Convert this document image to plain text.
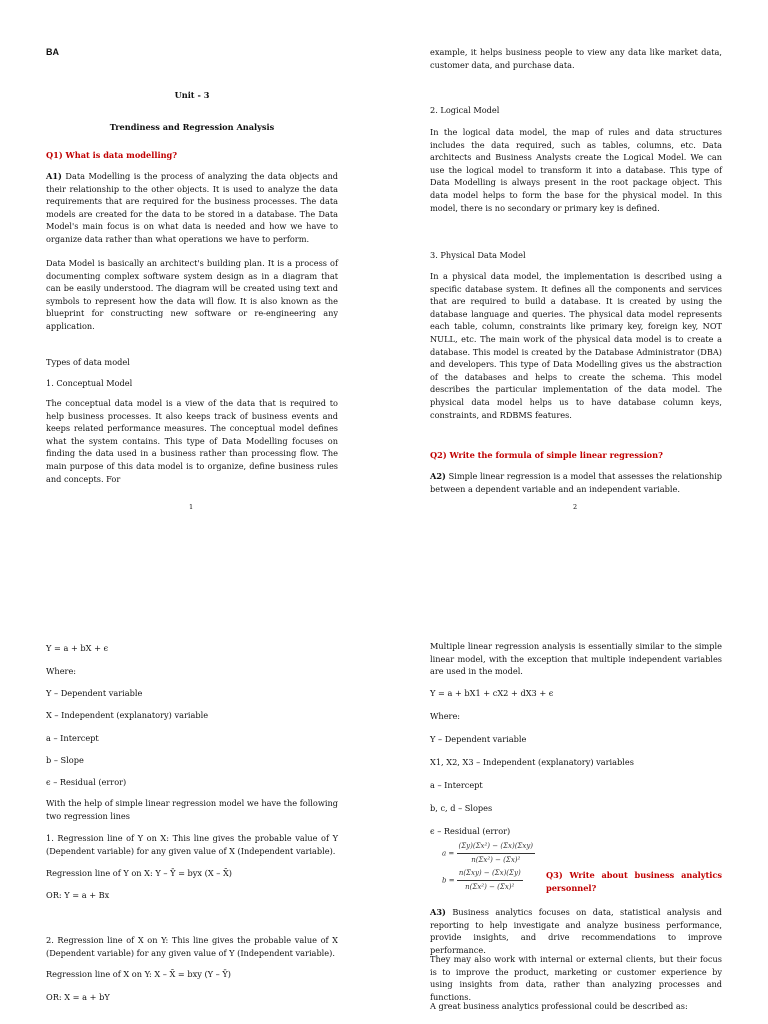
BA
Unit - 3
Trendiness and Regression Analysis
Q1) What is data modelling?

A1) Data Modelling is the process of analyzing the data objects and their relationship to the other objects. It is used to analyze the data requirements that are required for the business processes. The data models are created for the data to be stored in a database. The Data Model's main focus is on what data is needed and how we have to organize data rather than what operations we have to perform.

Data Model is basically an architect's building plan. It is a process of documenting complex software system design as in a diagram that can be easily understood. The diagram will be created using text and symbols to represent how the data will flow. It is also known as the blueprint for constructing new software or re-engineering any application.

Types of data model
1. Conceptual Model

The conceptual data model is a view of the data that is required to help business processes. It also keeps track of business events and keeps related performance measures. The conceptual model defines what the system contains. This type of Data Modelling focuses on finding the data used in a business rather than processing flow. The main purpose of this data model is to organize, define business rules and concepts. For

1

example, it helps business people to view any data like market data, customer data, and purchase data.

2. Logical Model

In the logical data model, the map of rules and data structures includes the data required, such as tables, columns, etc. Data architects and Business Analysts create the Logical Model. We can use the logical model to transform it into a database. This type of Data Modelling is always present in the root package object. This data model helps to form the base for the physical model. In this model, there is no secondary or primary key is defined.

3. Physical Data Model

In a physical data model, the implementation is described using a specific database system. It defines all the components and services that are required to build a database. It is created by using the database language and queries. The physical data model represents each table, column, constraints like primary key, foreign key, NOT NULL, etc. The main work of the physical data model is to create a database. This model is created by the Database Administrator (DBA) and developers. This type of Data Modelling gives us the abstraction of the databases and helps to create the schema. This model describes the particular implementation of the data model. The physical data model helps us to have database column keys, constraints, and RDBMS features.

Q2) Write the formula of simple linear regression?

A2) Simple linear regression is a model that assesses the relationship between a dependent variable and an independent variable.

2
Y = a + bX + ϵ
Where:
Y – Dependent variable
X – Independent (explanatory) variable
a – Intercept
b – Slope
ϵ – Residual (error)

With the help of simple linear regression model we have the following two regression lines

1. Regression line of Y on X: This line gives the probable value of Y (Dependent variable) for any given value of X (Independent variable).

Regression line of Y on X: Y – Ȳ = byx (X – X̄)
OR: Y = a + Bx

2. Regression line of X on Y: This line gives the probable value of X (Dependent variable) for any given value of Y (Independent variable).

Regression line of X on Y: X – X̄ = bxy (Y – Ȳ)
OR: X = a + bY

Multiple linear regression analysis is essentially similar to the simple linear model, with the exception that multiple independent variables are used in the model.

Y = a + bX1 + cX2 + dX3 + ϵ
Where:
Y – Dependent variable
X1, X2, X3 – Independent (explanatory) variables
a – Intercept
b, c, d – Slopes
ϵ – Residual (error)
$a = \frac{\text{(Σy)(Σx²) − (Σx)(Σxy)}}{\text{n(Σx²) − (Σx)²}}$
$b = \frac{\text{n(Σxy) − (Σx)(Σy)}}{\text{n(Σx²) − (Σx)²}}$	Q3) Write about business analytics personnel?

A3) Business analytics focuses on data, statistical analysis and reporting to help investigate and analyze business performance, provide insights, and drive recommendations to improve performance.

They may also work with internal or external clients, but their focus is to improve the product, marketing or customer experience by using insights from data, rather than analyzing processes and functions.

A great business analytics professional could be described as:
